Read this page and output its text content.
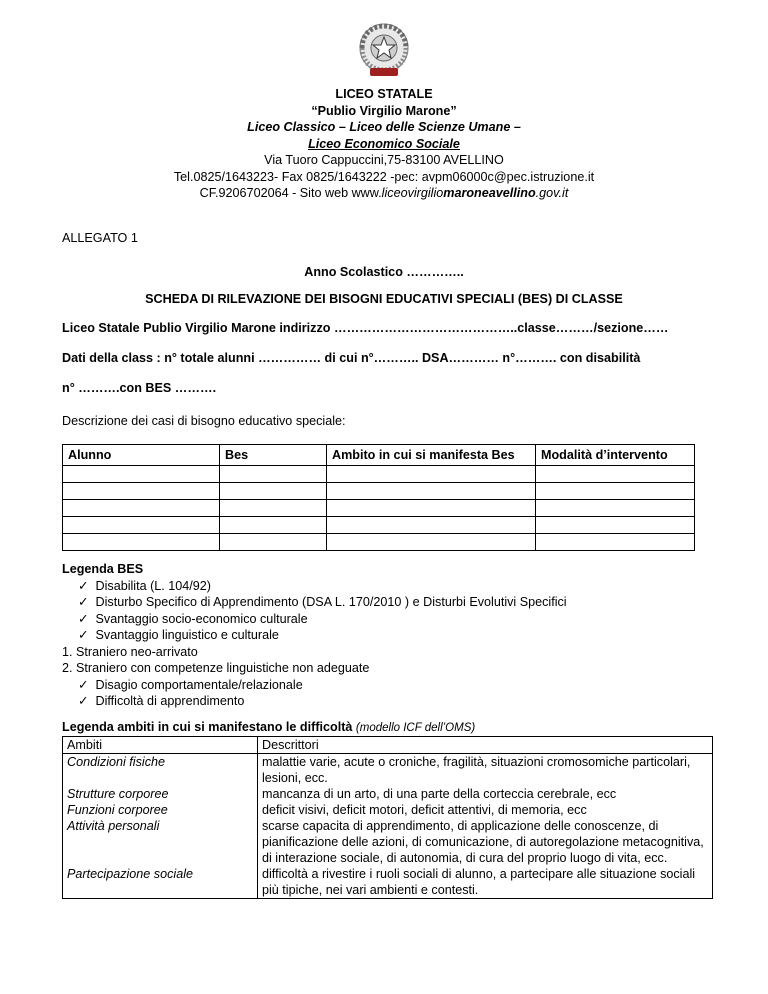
LICEO STATALE
“Publio Virgilio Marone”
Liceo Classico – Liceo delle Scienze Umane –
Liceo Economico Sociale
Via Tuoro Cappuccini,75-83100 AVELLINO
Tel.0825/1643223- Fax 0825/1643222 -pec: avpm06000c@pec.istruzione.it
CF.9206702064 - Sito web www.liceovirgiliomaroneavellino.gov.it
ALLEGATO 1
Anno Scolastico …………..
SCHEDA DI RILEVAZIONE DEI BISOGNI EDUCATIVI SPECIALI (BES) DI CLASSE
Liceo Statale Publio Virgilio Marone indirizzo ……………………………………..classe………/sezione……
Dati della class : n° totale alunni …………… di cui n°……….. DSA………… n°………. con disabilità
n° ……….con BES ……….
Descrizione dei casi di bisogno educativo speciale:
Alunno	Bes	Ambito in cui si manifesta Bes	Modalità d’intervento

Legenda BES
✓ Disabilita (L. 104/92)
✓ Disturbo Specifico di Apprendimento (DSA L. 170/2010 ) e Disturbi Evolutivi Specifici
✓ Svantaggio socio-economico culturale
✓ Svantaggio linguistico e culturale
1. Straniero neo-arrivato
2. Straniero con competenze linguistiche non adeguate
✓ Disagio comportamentale/relazionale
✓ Difficoltà di apprendimento
Legenda ambiti in cui si manifestano le difficoltà (modello ICF dell’OMS)
Ambiti	Descrittori
Condizioni fisiche	malattie varie, acute o croniche, fragilità, situazioni cromosomiche particolari, lesioni, ecc.
Strutture corporee	mancanza di un arto, di una parte della corteccia cerebrale, ecc
Funzioni corporee	deficit visivi, deficit motori, deficit attentivi, di memoria, ecc
Attività personali	scarse capacita di apprendimento, di applicazione delle conoscenze, di pianificazione delle azioni, di comunicazione, di autoregolazione metacognitiva, di interazione sociale, di autonomia, di cura del proprio luogo di vita, ecc.
Partecipazione sociale	difficoltà a rivestire i ruoli sociali di alunno, a partecipare alle situazione sociali più tipiche, nei vari ambienti e contesti.
